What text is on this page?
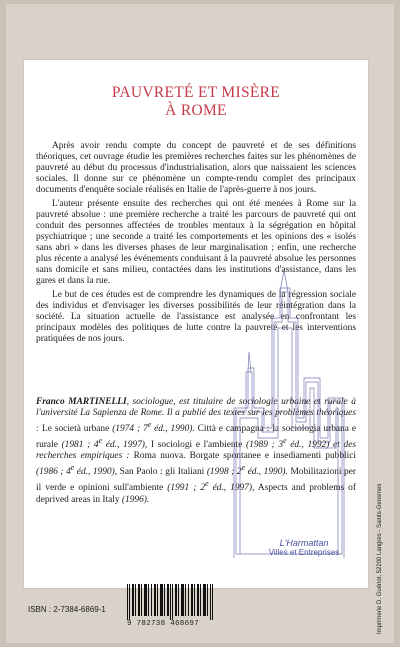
PAUVRETÉ ET MISÈRE
À ROME

Après avoir rendu compte du concept de pauvreté et de ses définitions théoriques, cet ouvrage étudie les premières recherches faites sur les phénomènes de pauvreté au début du processus d'industrialisation, alors que naissaient les sciences sociales. Il donne sur ce phénomène un compte-rendu complet des principaux documents d'enquête sociale réalisés en Italie de l'après-guerre à nos jours.

L'auteur présente ensuite des recherches qui ont été menées à Rome sur la pauvreté absolue : une première recherche a traité les parcours de pauvreté qui ont conduit des personnes affectées de troubles mentaux à la ségrégation en hôpital psychiatrique ; une seconde a traité les comportements et les opinions des « isolés sans abri » dans les diverses phases de leur marginalisation ; enfin, une recherche plus récente a analysé les événements conduisant à la pauvreté absolue les personnes sans domicile et sans milieu, contactées dans les institutions d'assistance, dans les gares et dans la rue.

Le but de ces études est de comprendre les dynamiques de la régression sociale des individus et d'envisager les diverses possibilités de leur réintégration dans la société. La situation actuelle de l'assistance est analysée en confrontant les principaux modèles des politiques de lutte contre la pauvreté et les interventions pratiquées de nos jours.

Franco MARTINELLI, sociologue, est titulaire de sociologie urbaine et rurale à l'université La Sapienza de Rome. Il a publié des textes sur les problèmes théoriques : Le società urbane (1974 ; 7e éd., 1990). Città e campagna : la sociologia urbana e rurale (1981 ; 4e éd., 1997), I sociologi e l'ambiente (1989 ; 3e éd., 1992) et des recherches empiriques : Roma nuova. Borgate spontanee e insediamenti pubblici (1986 ; 4e éd., 1990), San Paolo : gli Italiani (1998 ; 2e éd., 1990). Mobilitazioni per il verde e opinioni sull'ambiente (1991 ; 2e éd., 1997), Aspects and problems of deprived areas in Italy (1996).

L'Harmattan
Villes et Entreprises
ISBN : 2-7384-6869-1
9 782738 468697	Imprimerie D. Guériot, 52200 Langres - Saints-Geosmes
